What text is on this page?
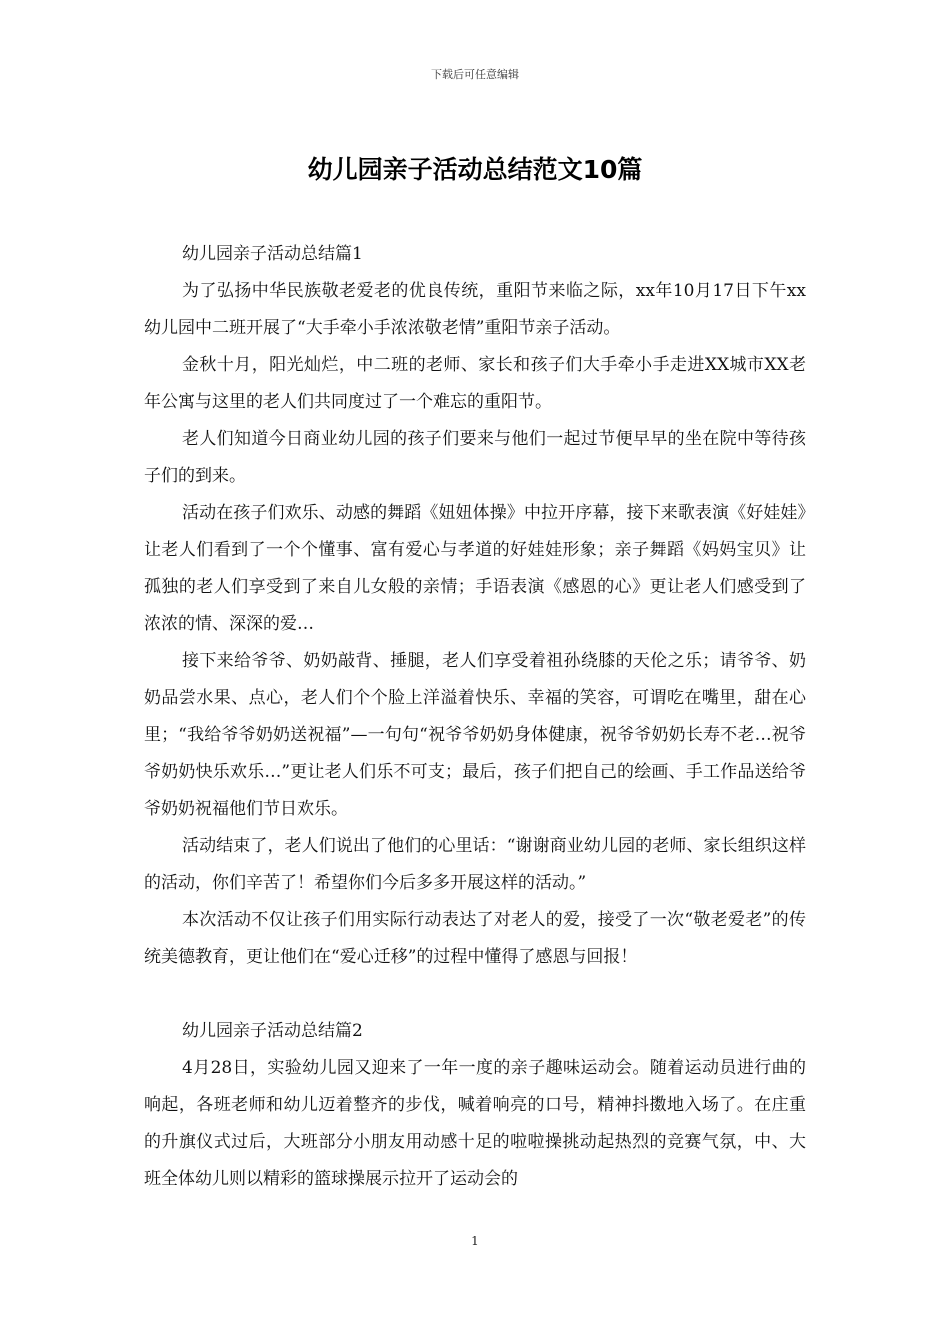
下载后可任意编辑
幼儿园亲子活动总结范文10篇

幼儿园亲子活动总结篇1

为了弘扬中华民族敬老爱老的优良传统，重阳节来临之际，xx年10月17日下午xx幼儿园中二班开展了“大手牵小手浓浓敬老情”重阳节亲子活动。

金秋十月，阳光灿烂，中二班的老师、家长和孩子们大手牵小手走进XX城市XX老年公寓与这里的老人们共同度过了一个难忘的重阳节。

老人们知道今日商业幼儿园的孩子们要来与他们一起过节便早早的坐在院中等待孩子们的到来。

活动在孩子们欢乐、动感的舞蹈《妞妞体操》中拉开序幕，接下来歌表演《好娃娃》让老人们看到了一个个懂事、富有爱心与孝道的好娃娃形象；亲子舞蹈《妈妈宝贝》让孤独的老人们享受到了来自儿女般的亲情；手语表演《感恩的心》更让老人们感受到了浓浓的情、深深的爱…

接下来给爷爷、奶奶敲背、捶腿，老人们享受着祖孙绕膝的天伦之乐；请爷爷、奶奶品尝水果、点心，老人们个个脸上洋溢着快乐、幸福的笑容，可谓吃在嘴里，甜在心里；“我给爷爷奶奶送祝福”—一句句“祝爷爷奶奶身体健康，祝爷爷奶奶长寿不老…祝爷爷奶奶快乐欢乐…”更让老人们乐不可支；最后，孩子们把自己的绘画、手工作品送给爷爷奶奶祝福他们节日欢乐。

活动结束了，老人们说出了他们的心里话：“谢谢商业幼儿园的老师、家长组织这样的活动，你们辛苦了！希望你们今后多多开展这样的活动。”

本次活动不仅让孩子们用实际行动表达了对老人的爱，接受了一次“敬老爱老”的传统美德教育，更让他们在“爱心迁移”的过程中懂得了感恩与回报！

幼儿园亲子活动总结篇2

4月28日，实验幼儿园又迎来了一年一度的亲子趣味运动会。随着运动员进行曲的响起，各班老师和幼儿迈着整齐的步伐，喊着响亮的口号，精神抖擞地入场了。在庄重的升旗仪式过后，大班部分小朋友用动感十足的啦啦操挑动起热烈的竞赛气氛，中、大班全体幼儿则以精彩的篮球操展示拉开了运动会的

1
